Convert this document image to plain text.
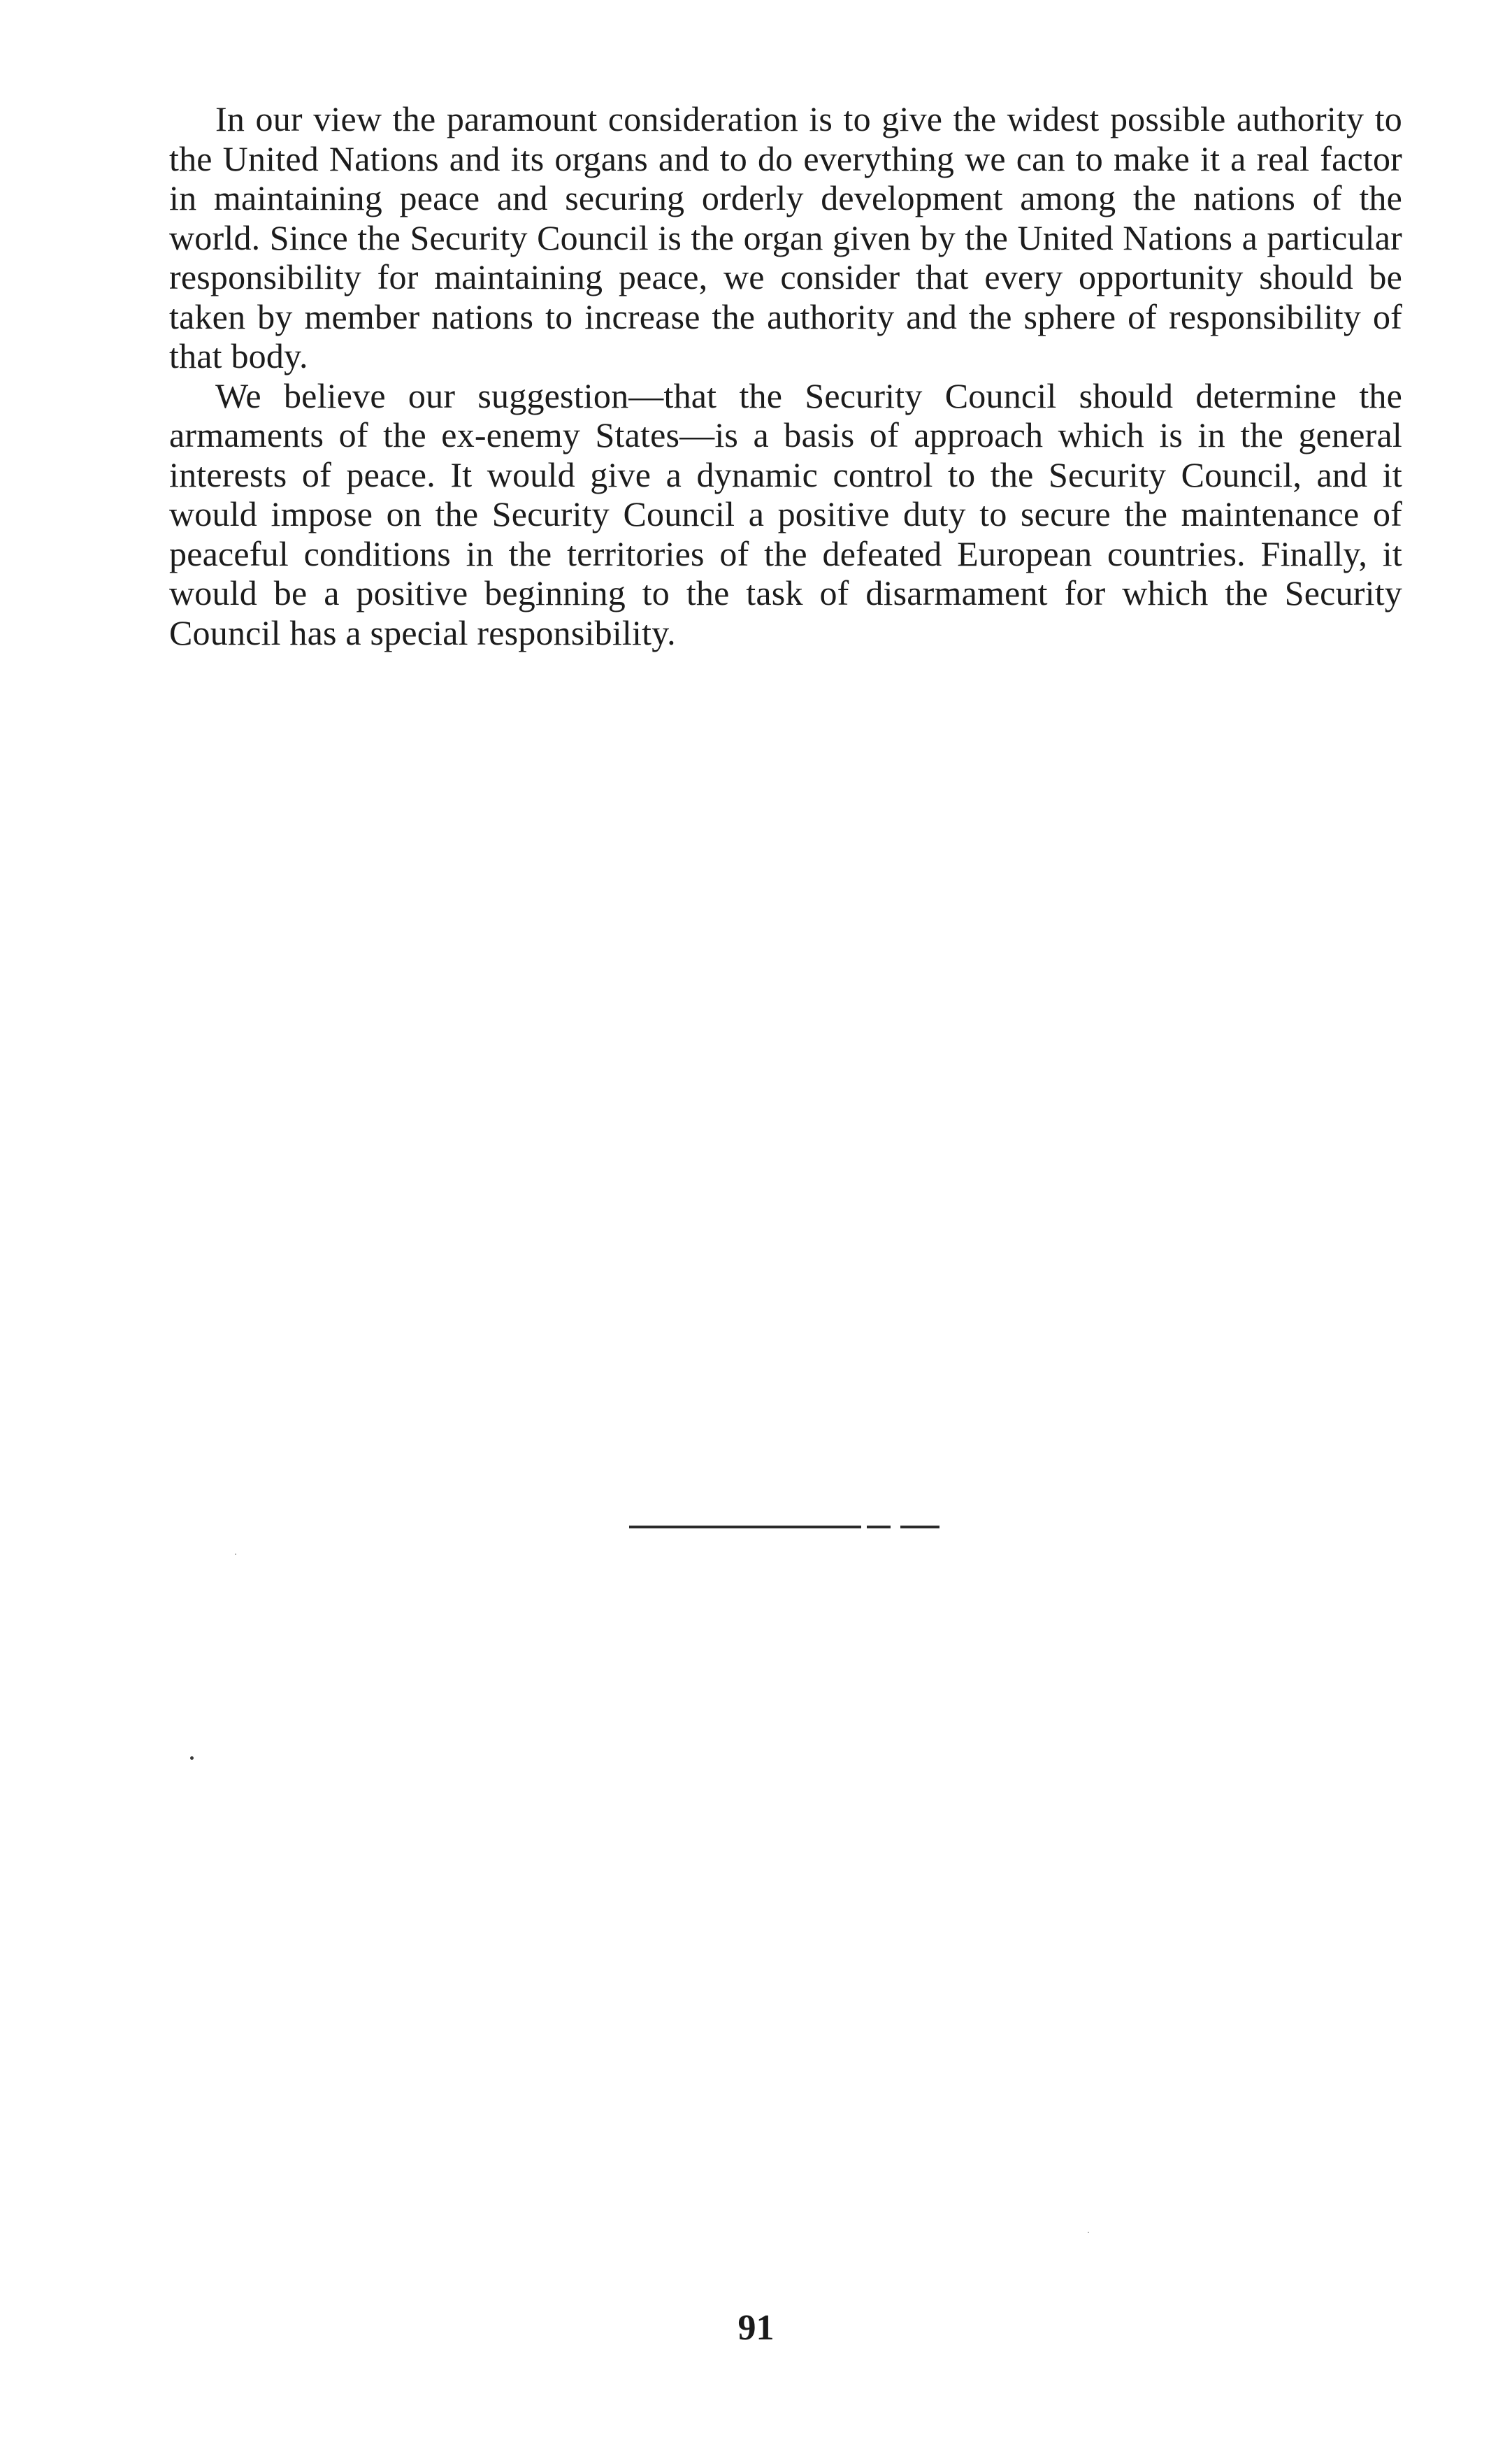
In our view the paramount consideration is to give the widest possible authority to the United Nations and its organs and to do everything we can to make it a real factor in maintaining peace and securing orderly development among the nations of the world. Since the Security Council is the organ given by the United Nations a particular responsibility for maintaining peace, we consider that every opportunity should be taken by member nations to increase the authority and the sphere of responsibility of that body.

We believe our suggestion—that the Security Council should determine the armaments of the ex-enemy States—is a basis of approach which is in the general interests of peace. It would give a dynamic control to the Security Council, and it would impose on the Security Council a positive duty to secure the maintenance of peaceful conditions in the territories of the defeated European countries. Finally, it would be a positive beginning to the task of disarmament for which the Security Council has a special responsibility.

91
